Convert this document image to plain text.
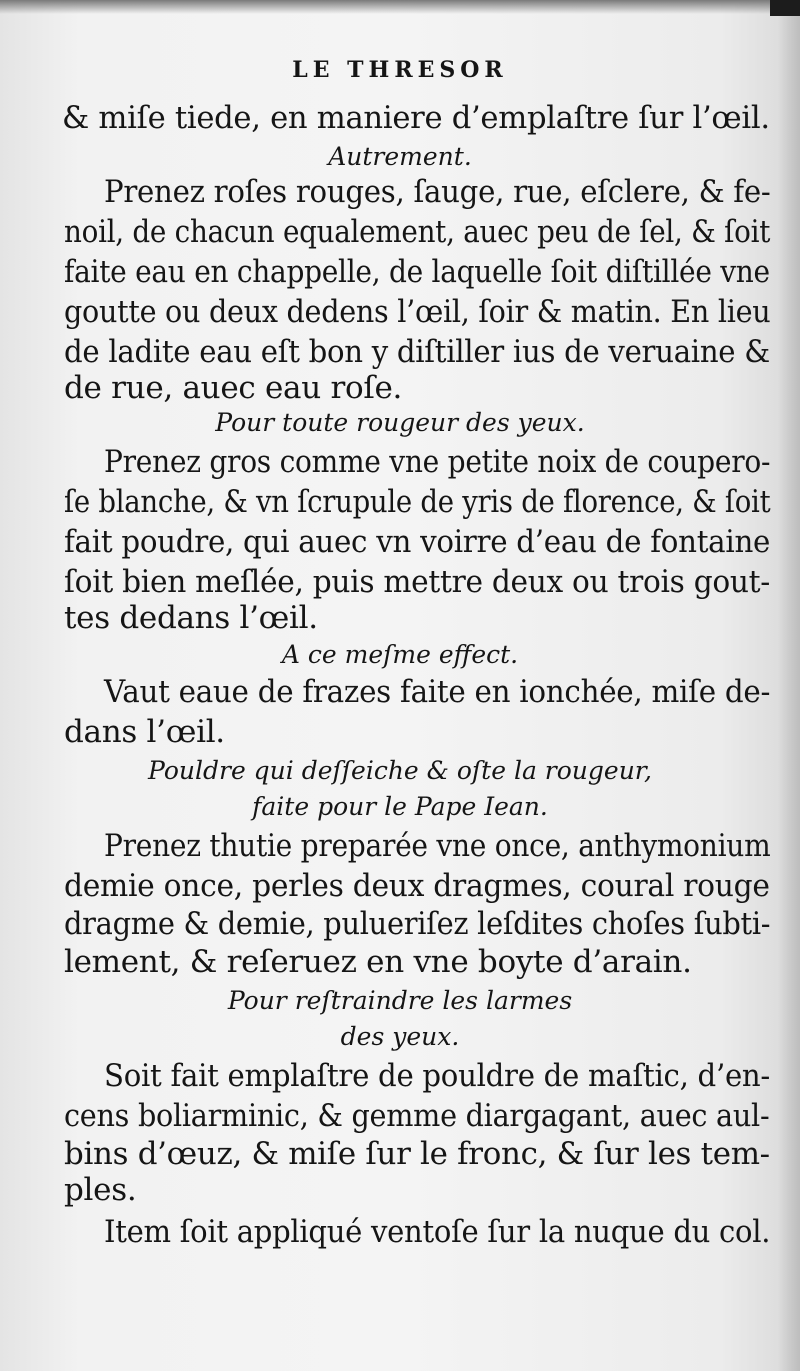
LE THRESOR
& miſe tiede, en maniere d’emplaſtre ſur l’œil.
Autrement.
Prenez roſes rouges, ſauge, rue, eſclere, & fe-
noil, de chacun equalement, auec peu de ſel, & ſoit
faite eau en chappelle, de laquelle ſoit diſtillée vne
goutte ou deux dedens l’œil, ſoir & matin. En lieu
de ladite eau eſt bon y diſtiller ius de veruaine &
de rue, auec eau roſe.
Pour toute rougeur des yeux.
Prenez gros comme vne petite noix de coupero-
ſe blanche, & vn ſcrupule de yris de florence, & ſoit
fait poudre, qui auec vn voirre d’eau de fontaine
ſoit bien meſlée, puis mettre deux ou trois gout-
tes dedans l’œil.
A ce meſme effect.
Vaut eaue de frazes faite en ionchée, miſe de-
dans l’œil.
Pouldre qui deſſeiche & oſte la rougeur,
faite pour le Pape Iean.
Prenez thutie preparée vne once, anthymonium
demie once, perles deux dragmes, coural rouge
dragme & demie, pulueriſez leſdites choſes ſubti-
lement, & reſeruez en vne boyte d’arain.
Pour reſtraindre les larmes
des yeux.
Soit fait emplaſtre de pouldre de maſtic, d’en-
cens boliarminic, & gemme diargagant, auec aul-
bins d’œuz, & miſe ſur le fronc, & ſur les tem-
ples.
Item ſoit appliqué ventoſe ſur la nuque du col.
